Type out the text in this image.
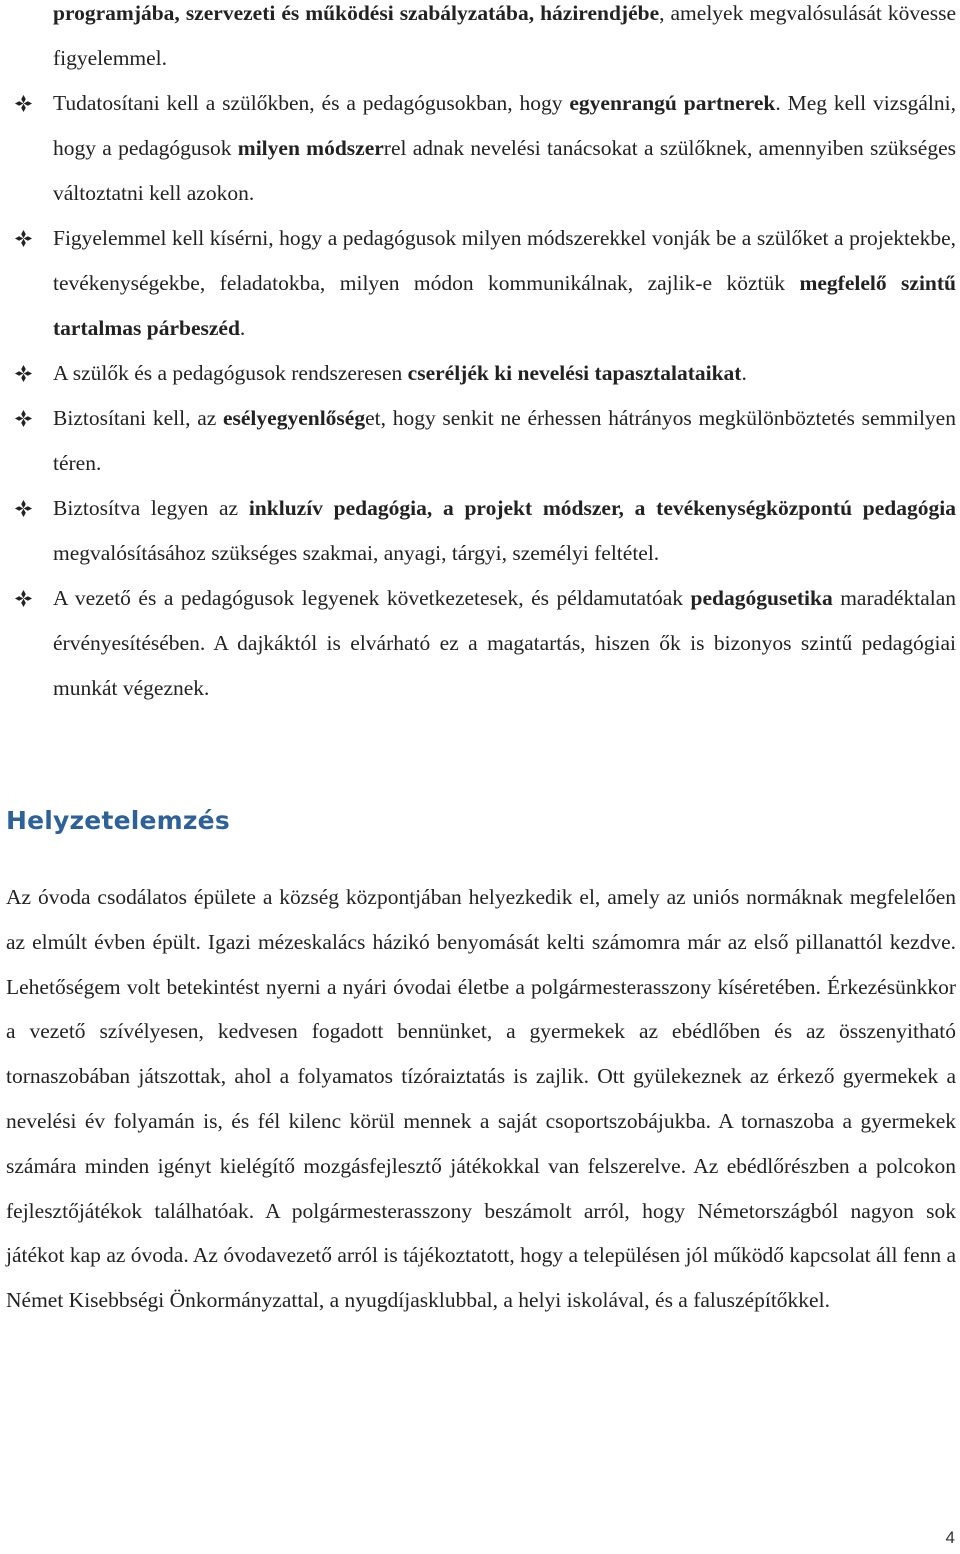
programjába, szervezeti és működési szabályzatába, házirendjébe, amelyek megvalósulását kövesse figyelemmel.
Tudatosítani kell a szülőkben, és a pedagógusokban, hogy egyenrangú partnerek. Meg kell vizsgálni, hogy a pedagógusok milyen módszerrel adnak nevelési tanácsokat a szülőknek, amennyiben szükséges változtatni kell azokon.
Figyelemmel kell kísérni, hogy a pedagógusok milyen módszerekkel vonják be a szülőket a projektekbe, tevékenységekbe, feladatokba, milyen módon kommunikálnak, zajlik-e köztük megfelelő szintű tartalmas párbeszéd.
A szülők és a pedagógusok rendszeresen cseréljék ki nevelési tapasztalataikat.
Biztosítani kell, az esélyegyenlőséget, hogy senkit ne érhessen hátrányos megkülönböztetés semmilyen téren.
Biztosítva legyen az inkluzív pedagógia, a projekt módszer, a tevékenységközpontú pedagógia megvalósításához szükséges szakmai, anyagi, tárgyi, személyi feltétel.
A vezető és a pedagógusok legyenek következetesek, és példamutatóak pedagógusetika maradéktalan érvényesítésében. A dajkáktól is elvárható ez a magatartás, hiszen ők is bizonyos szintű pedagógiai munkát végeznek.
Helyzetelemzés

Az óvoda csodálatos épülete a község központjában helyezkedik el, amely az uniós normáknak megfelelően az elmúlt évben épült. Igazi mézeskalács házikó benyomását kelti számomra már az első pillanattól kezdve. Lehetőségem volt betekintést nyerni a nyári óvodai életbe a polgármesterasszony kíséretében. Érkezésünkkor a vezető szívélyesen, kedvesen fogadott bennünket, a gyermekek az ebédlőben és az összenyitható tornaszobában játszottak, ahol a folyamatos tízóraiztatás is zajlik. Ott gyülekeznek az érkező gyermekek a nevelési év folyamán is, és fél kilenc körül mennek a saját csoportszobájukba. A tornaszoba a gyermekek számára minden igényt kielégítő mozgásfejlesztő játékokkal van felszerelve. Az ebédlőrészben a polcokon fejlesztőjátékok találhatóak. A polgármesterasszony beszámolt arról, hogy Németországból nagyon sok játékot kap az óvoda. Az óvodavezető arról is tájékoztatott, hogy a településen jól működő kapcsolat áll fenn a Német Kisebbségi Önkormányzattal, a nyugdíjasklubbal, a helyi iskolával, és a faluszépítőkkel.

4
